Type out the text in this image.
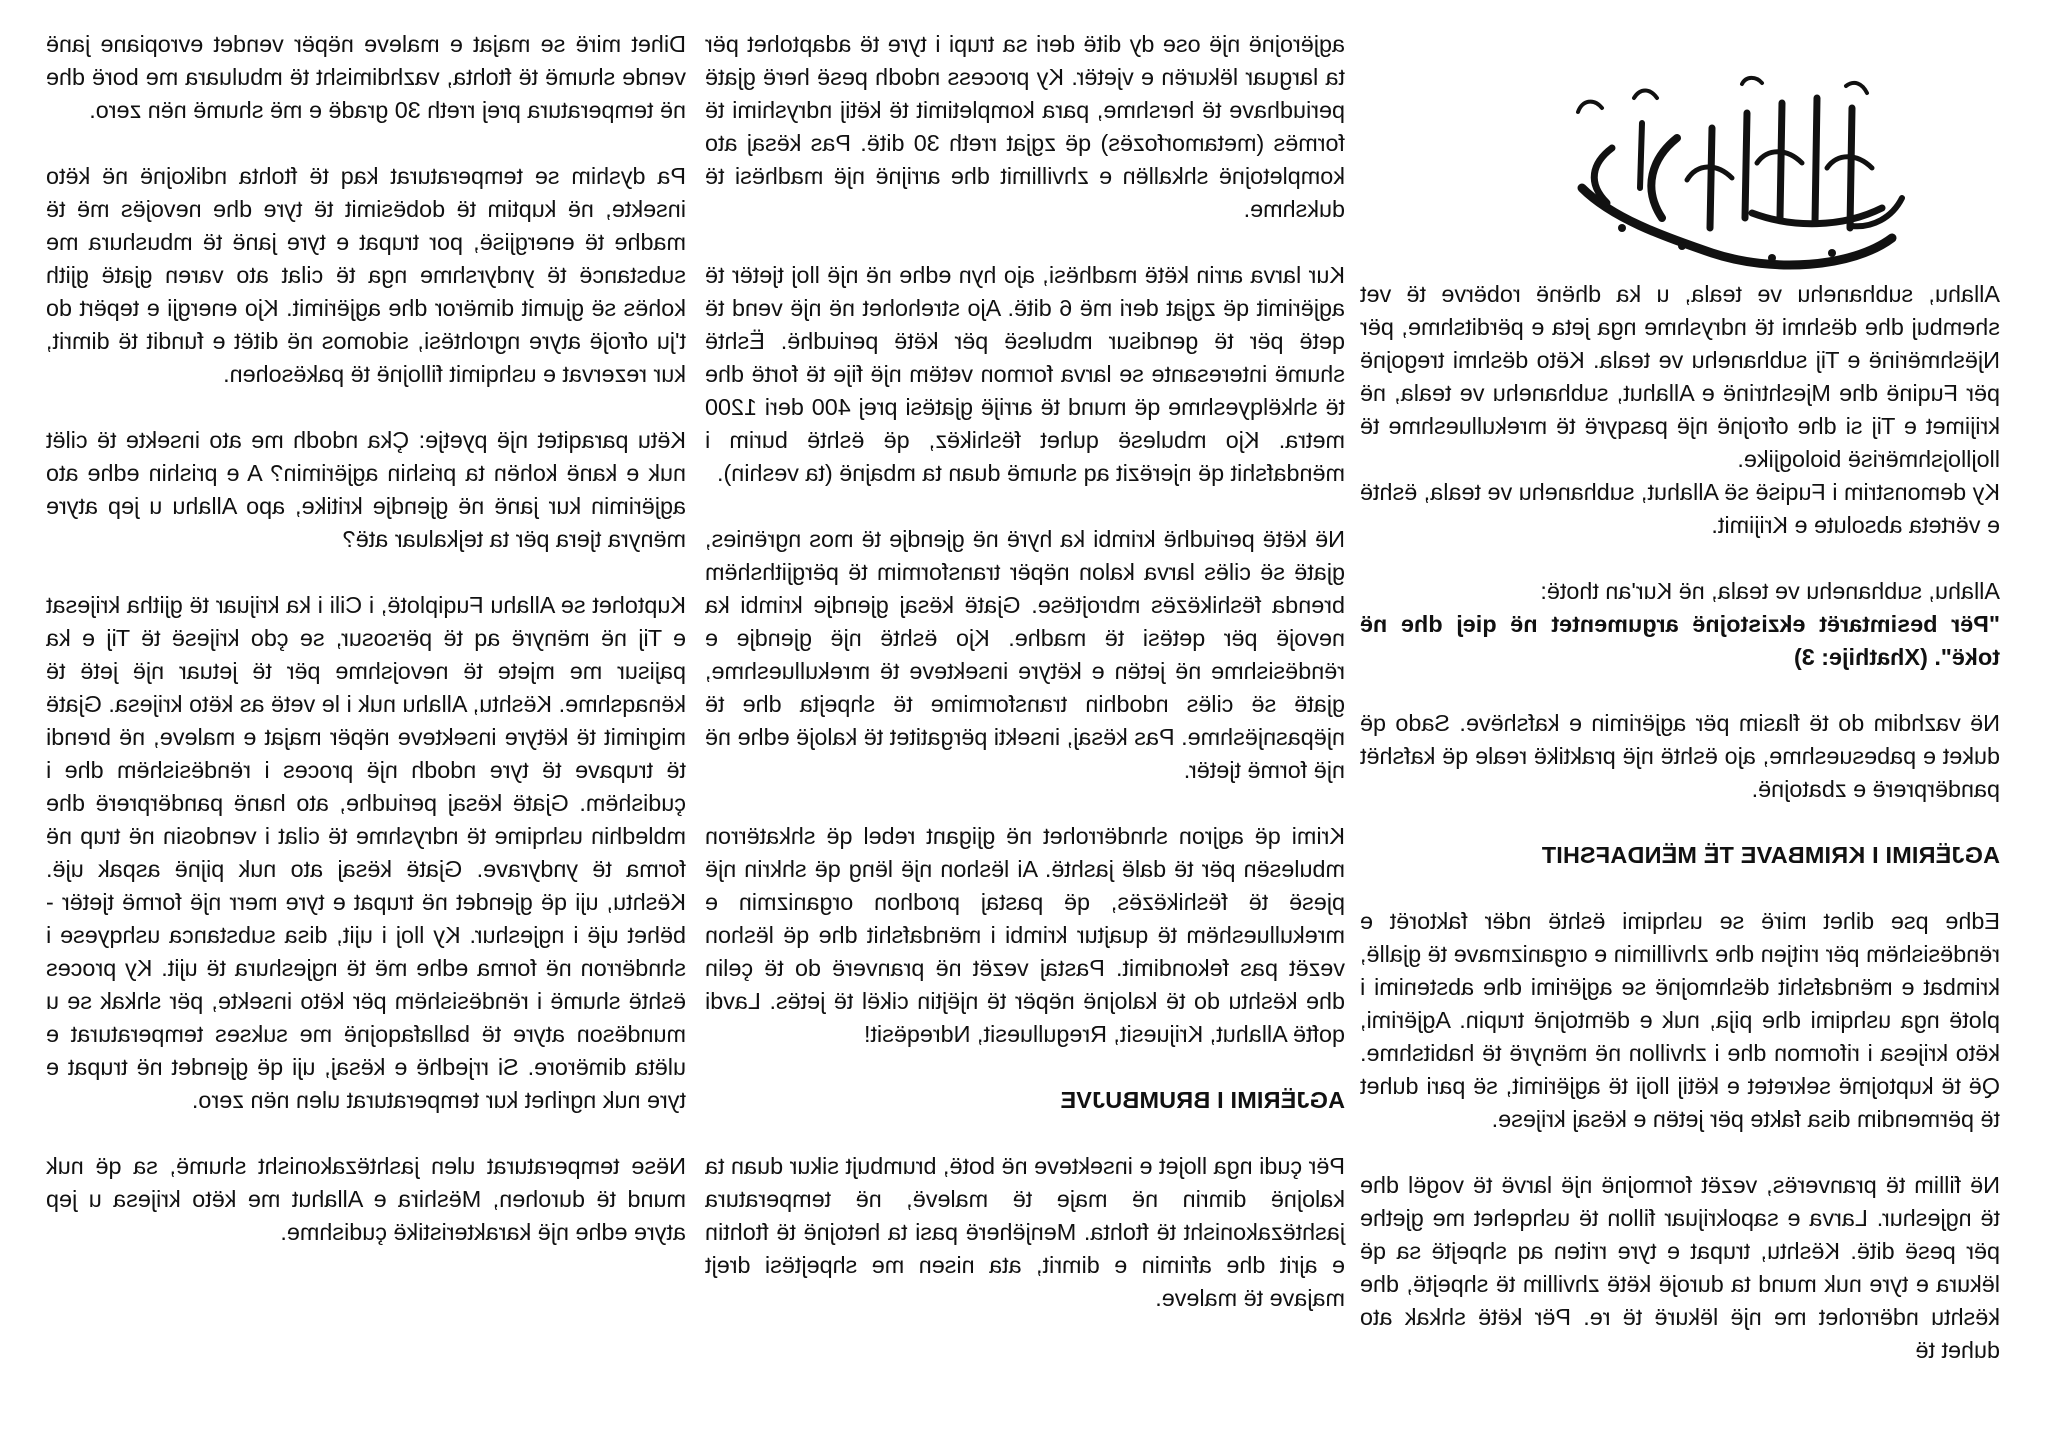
Allahu, subhanehu ve teala, u ka dhënë robërve të vet shembuj dhe dëshmi të ndryshme nga jeta e përditshme, për Njëshmërinë e Tij subhanehu ve teala. Këto dëshmi tregojnë për Fuqinë dhe Mjeshtrinë e Allahut, subhanehu ve teala, në krijimet e Tij si dhe ofrojnë një pasqyrë të mrekullueshme të llojllojshmërisë biologjike.

Ky demonstrim i Fuqisë së Allahut, subhanehu ve teala, është e vërteta absolute e Krijimit.

Allahu, subhanehu ve teala, në Kur'an thotë:

"Për besimtarët ekzistojnë argumentet në qiej dhe në tokë". (Xhathije: 3)

Në vazhdim do të flasim për agjërimin e kafshëve. Sado që duket e pabesueshme, ajo është një praktikë reale që kafshët pandërprerë e zbatojnë.

AGJËRIMI I KRIMBAVE TË MËNDAFSHIT

Edhe pse dihet mirë se ushqimi është ndër faktorët e rëndësishëm për rritjen dhe zhvillimin e organizmave të gjallë, krimbat e mëndafshit dëshmojnë se agjërimi dhe abstenimi i plotë nga ushqimi dhe pija, nuk e dëmtojnë trupin. Agjërimi, këto krijesa i riformon dhe i zhvillon në mënyrë të habitshme. Që të kuptojmë sekretet e këtij lloji të agjërimit, së pari duhet të përmendim disa fakte për jetën e kësaj krijese.

Në fillim të pranverës, vezët formojnë një larvë të vogël dhe të ngjeshur. Larva e sapokrijuar fillon të ushqehet me gjethe për pesë ditë. Kështu, trupat e tyre rriten aq shpejtë sa që lëkura e tyre nuk mund ta durojë këtë zhvillim të shpejtë, dhe kështu ndërrohet me një lëkurë të re. Për këtë shkak ato duhet të

agjërojnë një ose dy ditë deri sa trupi i tyre të adaptohet për ta larguar lëkurën e vjetër. Ky process ndodh pesë herë gjatë periudhave të hershme, para kompletimit të këtij ndryshimi të formës (metamorfozës) që zgjat rreth 30 ditë. Pas kësaj ato kompletojnë shkallën e zhvillimit dhe arrijnë një madhësi të dukshme.

Kur larva arrin këtë madhësi, ajo hyn edhe në një lloj tjetër të agjërimit që zgjat deri më 6 ditë. Ajo strehohet në një vend të qetë për të gendisur mbulesë për këtë periudhë. Është shumë interesante se larva formon vetëm një fije të fortë dhe të shkëlqyeshme që mund të arrijë gjatësi prej 400 deri 1200 metra. Kjo mbulesë quhet fëshikëz, që është burim i mëndafshit që njerëzit aq shumë duan ta mbajnë (ta veshin).

Në këtë periudhë krimbi ka hyrë në gjendje të mos ngrënies, gjatë së cilës larva kalon nëpër transformim të përgjithshëm brenda fëshikëzës mbrojtëse. Gjatë kësaj gjendje krimbi ka nevojë për qetësi të madhe. Kjo është një gjendje e rëndësishme në jetën e këtyre insekteve të mrekullueshme, gjatë së cilës ndodhin transformime të shpejta dhe të njëpasnjëshme. Pas kësaj, insekti përgatitet të kalojë edhe në një formë tjetër.

Krimi që agjron shndërrohet në gjigant rebel që shkatërron mbulesën për të dalë jashtë. Ai lëshon një lëng që shkrin një pjesë të fëshikëzës, që pastaj prodhon organizmin e mrekullueshëm të quajtur krimbi i mëndafshit dhe që lëshon vezët pas fekondimit. Pastaj vezët në pranverë do të çelin dhe kështu do të kalojnë nëpër të njëjtin cikël të jetës. Lavdi qoftë Allahut, Krijuesit, Rregulluesit, Ndreqësit!

AGJËRIMI I BRUMBUJVE

Për çudi nga llojet e insekteve në botë, brumbujt sikur duan ta kalojnë dimrin në maje të malevë, në temperatura jashtëzakonisht të ftohta. Menjëherë pasi ta hetojnë të ftohtin e ajrit dhe afrimin e dimrit, ata nisen me shpejtësi drejt majave të maleve.

Dihet mirë se majat e maleve nëpër vendet evropiane janë vende shumë të ftohta, vazhdimisht të mbuluara me borë dhe në temperatura prej rreth 30 gradë e më shumë nën zero.

Pa dyshim se temperaturat kaq të ftohta ndikojnë në këto insekte, në kuptim të dobësimit të tyre dhe nevojës më të madhe të energjisë, por trupat e tyre janë të mbushura me substancë të yndyrshme nga të cilat ato varen gjatë gjith kohës së gjumit dimëror dhe agjërimit. Kjo energji e tepërt do t'ju ofrojë atyre ngrohtësi, sidomos në ditët e fundit të dimrit, kur rezervat e ushqimit fillojnë të pakësohen.

Këtu paraqitet një pyetje: Çka ndodh me ato insekte të cilët nuk e kanë kohën ta prishin agjërimin? A e prishin edhe ato agjërimin kur janë në gjendje kritike, apo Allahu u jep atyre mënyra tjera për ta tejkaluar atë?

Kuptohet se Allahu Fuqiplotë, i Cili i ka krijuar të gjitha krijesat e Tij në mënyrë aq të përsosur, se çdo krijesë të Tij e ka pajisur me mjete të nevojshme për të jetuar një jetë të kënaqshme. Kështu, Allahu nuk i le vetë as këto krijesa. Gjatë migrimit të këtyre insekteve nëpër majat e maleve, në brendi të trupave të tyre ndodh një proces i rëndësishëm dhe i çudishëm. Gjatë kësaj periudhe, ato hanë pandërprerë dhe mbledhin ushqime të ndryshme të cilat i vendosin në trup në forma të yndyrave. Gjatë kësaj ato nuk pijnë aspak ujë. Kështu, uji që gjendet në trupat e tyre merr një formë tjetër - bëhet ujë i ngjeshur. Ky lloj i ujit, disa substanca ushqyese i shndërron në forma edhe më të ngjeshura të ujit. Ky proces është shumë i rëndësishëm për këto insekte, për shkak se u mundëson atyre të ballafaqojnë me sukses temperaturat e ulëta dimërore. Si rrjedhë e kësaj, uji që gjendet në trupat e tyre nuk ngrihet kur temperaturat ulen nën zero.

Nëse temperaturat ulen jashtëzakonisht shumë, sa që nuk mund të durohen, Mëshira e Allahut me këto krijesa u jep atyre edhe një karakteristikë çudishme.
